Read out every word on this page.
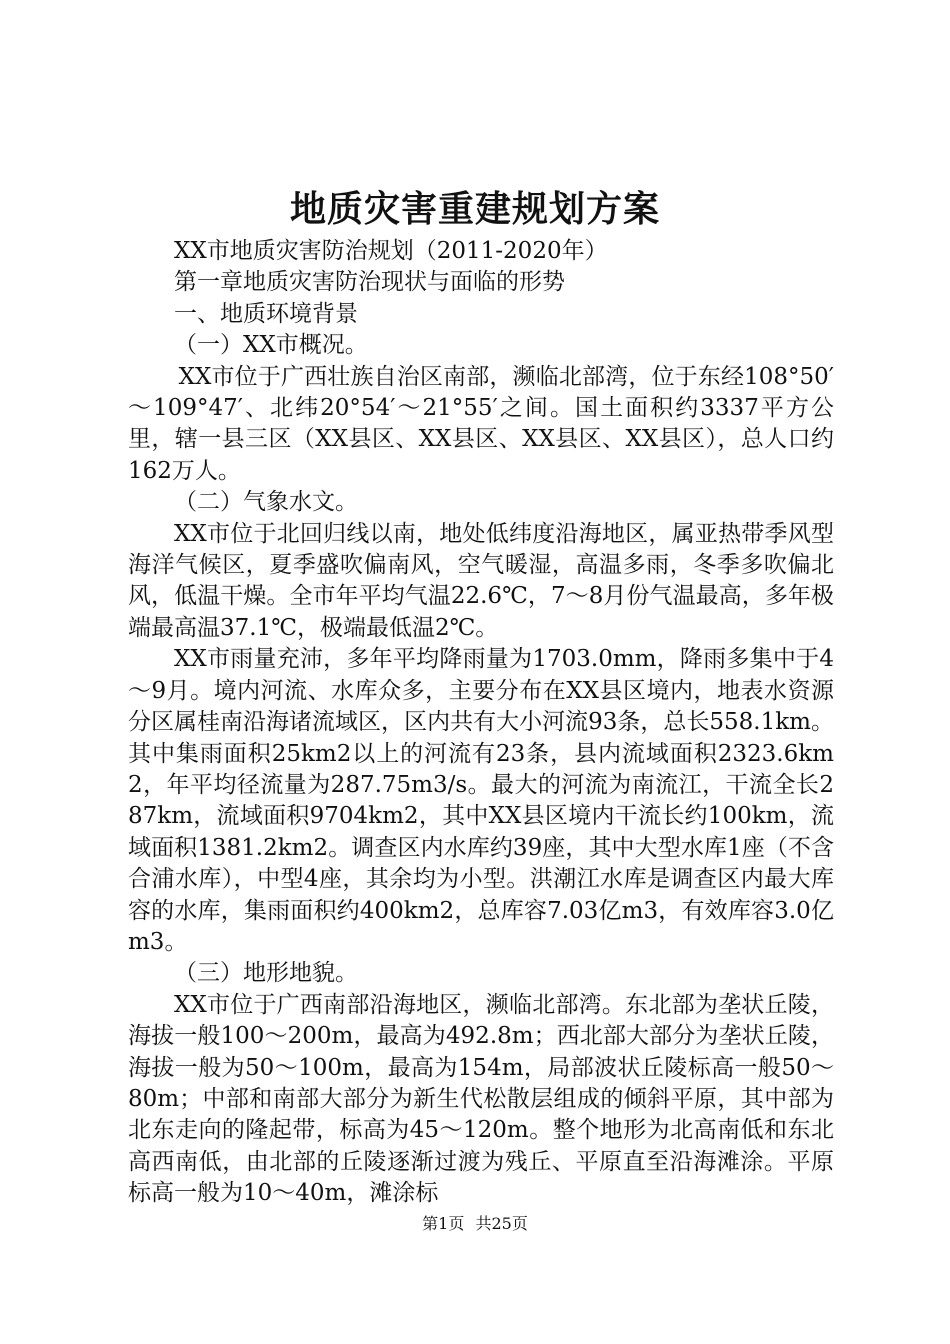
地质灾害重建规划方案

XX市地质灾害防治规划（2011-2020年）

第一章地质灾害防治现状与面临的形势

一、地质环境背景

（一）XX市概况。

XX市位于广西壮族自治区南部，濒临北部湾，位于东经108°50′～109°47′、北纬20°54′～21°55′之间。国土面积约3337平方公里，辖一县三区（XX县区、XX县区、XX县区、XX县区），总人口约162万人。

（二）气象水文。

XX市位于北回归线以南，地处低纬度沿海地区，属亚热带季风型海洋气候区，夏季盛吹偏南风，空气暖湿，高温多雨，冬季多吹偏北风，低温干燥。全市年平均气温22.6℃，7～8月份气温最高，多年极端最高温37.1℃，极端最低温2℃。

XX市雨量充沛，多年平均降雨量为1703.0mm，降雨多集中于4～9月。境内河流、水库众多，主要分布在XX县区境内，地表水资源分区属桂南沿海诸流域区，区内共有大小河流93条，总长558.1km。其中集雨面积25km2以上的河流有23条，县内流域面积2323.6km2，年平均径流量为287.75m3/s。最大的河流为南流江，干流全长287km，流域面积9704km2，其中XX县区境内干流长约100km，流域面积1381.2km2。调查区内水库约39座，其中大型水库1座（不含合浦水库），中型4座，其余均为小型。洪潮江水库是调查区内最大库容的水库，集雨面积约400km2，总库容7.03亿m3，有效库容3.0亿m3。

（三）地形地貌。

XX市位于广西南部沿海地区，濒临北部湾。东北部为垄状丘陵，海拔一般100～200m，最高为492.8m；西北部大部分为垄状丘陵，海拔一般为50～100m，最高为154m，局部波状丘陵标高一般50～80m；中部和南部大部分为新生代松散层组成的倾斜平原，其中部为北东走向的隆起带，标高为45～120m。整个地形为北高南低和东北高西南低，由北部的丘陵逐渐过渡为残丘、平原直至沿海滩涂。平原标高一般为10～40m，滩涂标

第1页 共25页
